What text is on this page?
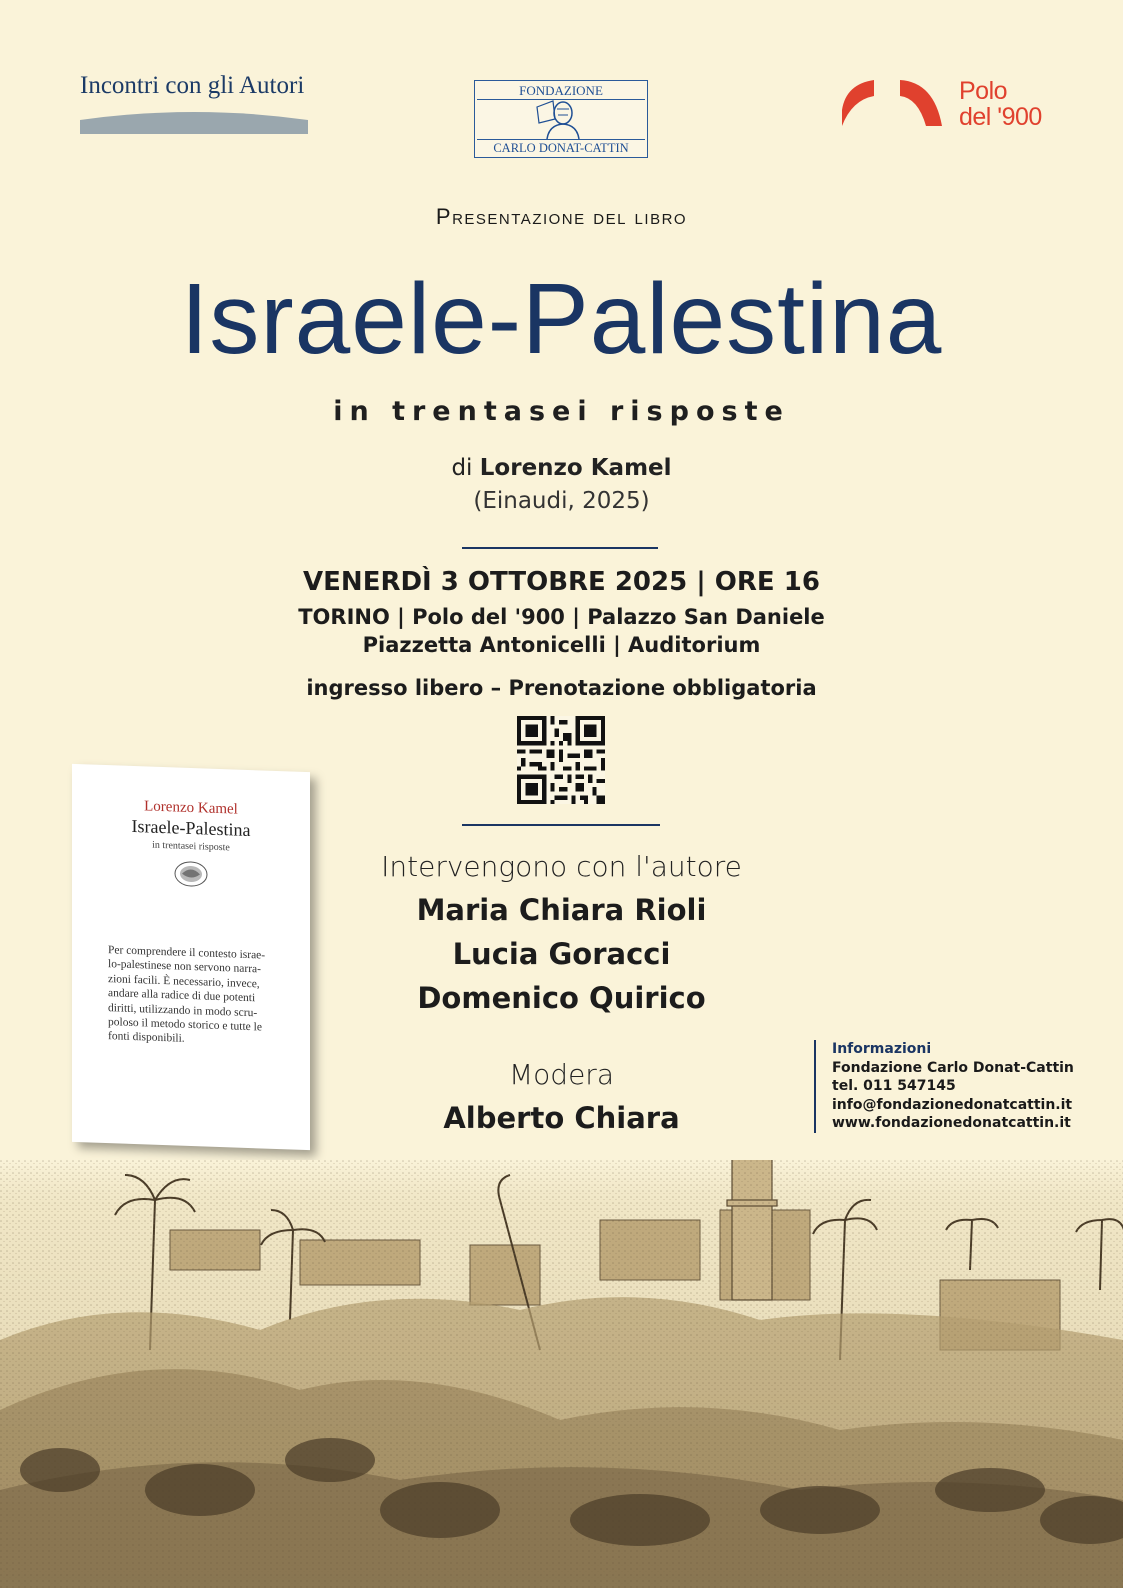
Incontri con gli Autori	FONDAZIONE
CARLO DONAT-CATTIN
Polo
del '900
Presentazione del libro
Israele-Palestina
in trentasei risposte
di Lorenzo Kamel
(Einaudi, 2025)
VENERDÌ 3 OTTOBRE 2025 | ORE 16
TORINO | Polo del '900 | Palazzo San Daniele
Piazzetta Antonicelli | Auditorium
ingresso libero – Prenotazione obbligatoria
Lorenzo Kamel
Israele-Palestina
in trentasei risposte
Per comprendere il contesto israe-
lo-palestinese non servono narra-
zioni facili. È necessario, invece,
andare alla radice di due potenti
diritti, utilizzando in modo scru-
poloso il metodo storico e tutte le
fonti disponibili.
Intervengono con l'autore
Maria Chiara Rioli
Lucia Goracci
Domenico Quirico
Modera
Alberto Chiara
Informazioni
Fondazione Carlo Donat-Cattin
tel. 011 547145
info@fondazionedonatcattin.it
www.fondazionedonatcattin.it
